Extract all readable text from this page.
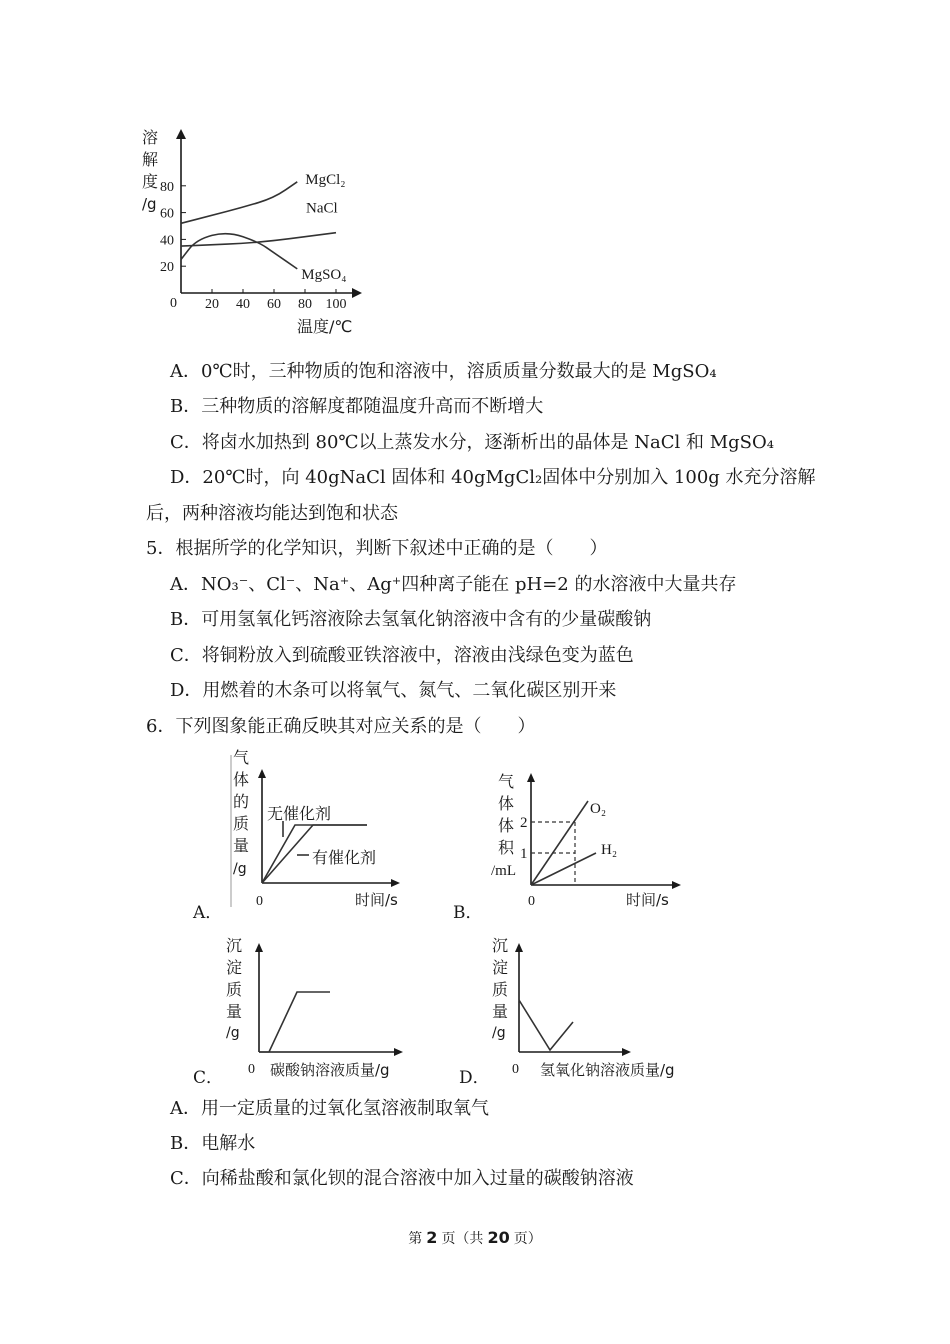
溶
解
度
/g
80
60
40
20
20 40 60 80 100
MgCl₂
NaCl
MgSO₄
0
温度/℃
A．0℃时，三种物质的饱和溶液中，溶质质量分数最大的是 MgSO₄
B．三种物质的溶解度都随温度升高而不断增大
C．将卤水加热到 80℃以上蒸发水分，逐渐析出的晶体是 NaCl 和 MgSO₄
D．20℃时，向 40gNaCl 固体和 40gMgCl₂固体中分别加入 100g 水充分溶解
后，两种溶液均能达到饱和状态
5．根据所学的化学知识，判断下叙述中正确的是（　　）
A．NO₃⁻、Cl⁻、Na⁺、Ag⁺四种离子能在 pH=2 的水溶液中大量共存
B．可用氢氧化钙溶液除去氢氧化钠溶液中含有的少量碳酸钠
C．将铜粉放入到硫酸亚铁溶液中，溶液由浅绿色变为蓝色
D．用燃着的木条可以将氧气、氮气、二氧化碳区别开来
6．下列图象能正确反映其对应关系的是（　　）
A．
气
体
的
质
量
/g
无催化剂
有催化剂
0	时间/s
B．
气
体
体
积
/mL
2
1
O₂
H₂
0	时间/s
C．
沉
淀
质
量
/g
0 碳酸钠溶液质量/g	D．
沉
淀
质
量
/g
0 氢氧化钠溶液质量/g
A．用一定质量的过氧化氢溶液制取氧气
B．电解水
C．向稀盐酸和氯化钡的混合溶液中加入过量的碳酸钠溶液
第 2 页（共 20 页）
